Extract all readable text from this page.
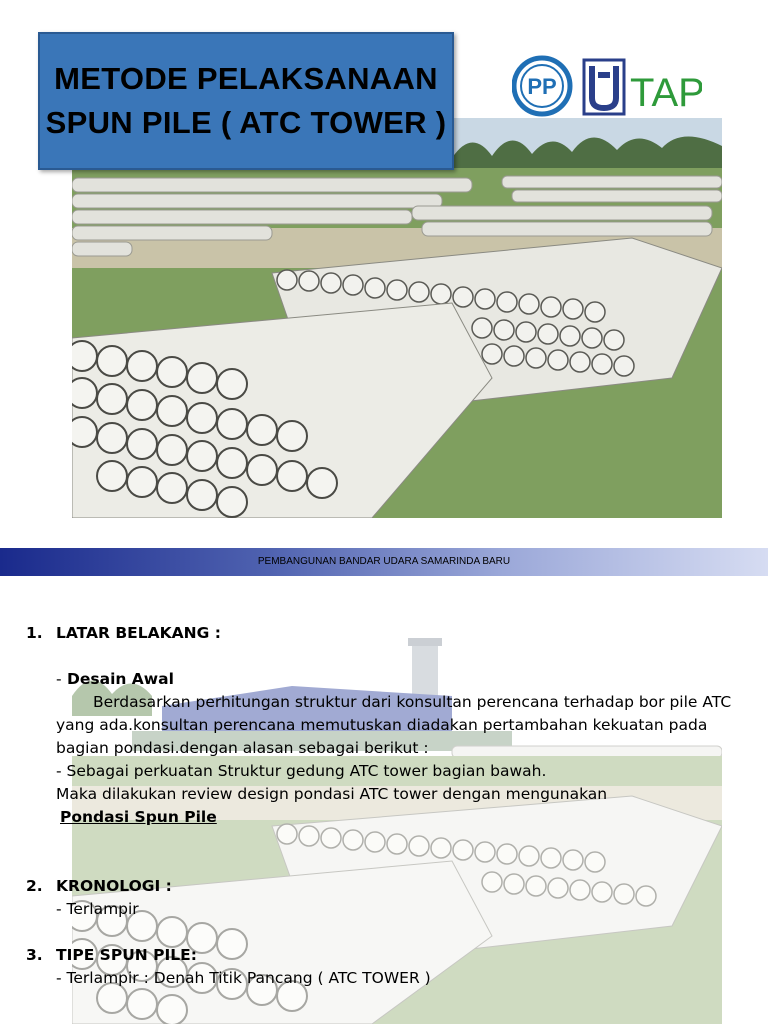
METODE PELAKSANAAN
SPUN PILE ( ATC TOWER )
PP TAP
PEMBANGUNAN BANDAR UDARA SAMARINDA BARU
1. LATAR BELAKANG :
- Desain Awal
Berdasarkan perhitungan struktur dari konsultan perencana terhadap bor pile ATC
yang ada.konsultan perencana memutuskan diadakan pertambahan kekuatan pada
bagian pondasi.dengan alasan sebagai berikut :
- Sebagai perkuatan Struktur gedung ATC tower bagian bawah.
Maka dilakukan review design pondasi ATC tower dengan mengunakan
Pondasi Spun Pile
2. KRONOLOGI :
- Terlampir
3. TIPE SPUN PILE:
- Terlampir : Denah Titik Pancang ( ATC TOWER )
